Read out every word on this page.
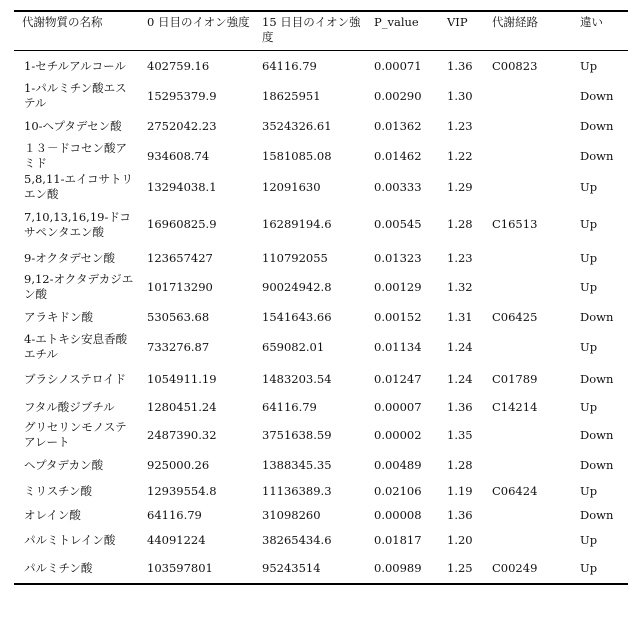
代謝物質の名称	0 日目のイオン強度	15 日目のイオン強度	P_value	VIP	代謝経路	違い
1-セチルアルコール	402759.16	64116.79	0.00071	1.36	C00823	Up
1-パルミチン酸エステル	15295379.9	18625951	0.00290	1.30		Down
10-ヘプタデセン酸	2752042.23	3524326.61	0.01362	1.23		Down
１３－ドコセン酸アミド	934608.74	1581085.08	0.01462	1.22		Down
5,8,11-エイコサトリエン酸	13294038.1	12091630	0.00333	1.29		Up
7,10,13,16,19-ドコサペンタエン酸	16960825.9	16289194.6	0.00545	1.28	C16513	Up
9-オクタデセン酸	123657427	110792055	0.01323	1.23		Up
9,12-オクタデカジエン酸	101713290	90024942.8	0.00129	1.32		Up
アラキドン酸	530563.68	1541643.66	0.00152	1.31	C06425	Down
4-エトキシ安息香酸エチル	733276.87	659082.01	0.01134	1.24		Up
ブラシノステロイド	1054911.19	1483203.54	0.01247	1.24	C01789	Down
フタル酸ジブチル	1280451.24	64116.79	0.00007	1.36	C14214	Up
グリセリンモノステアレート	2487390.32	3751638.59	0.00002	1.35		Down
ヘプタデカン酸	925000.26	1388345.35	0.00489	1.28		Down
ミリスチン酸	12939554.8	11136389.3	0.02106	1.19	C06424	Up
オレイン酸	64116.79	31098260	0.00008	1.36		Down
パルミトレイン酸	44091224	38265434.6	0.01817	1.20		Up
パルミチン酸	103597801	95243514	0.00989	1.25	C00249	Up
